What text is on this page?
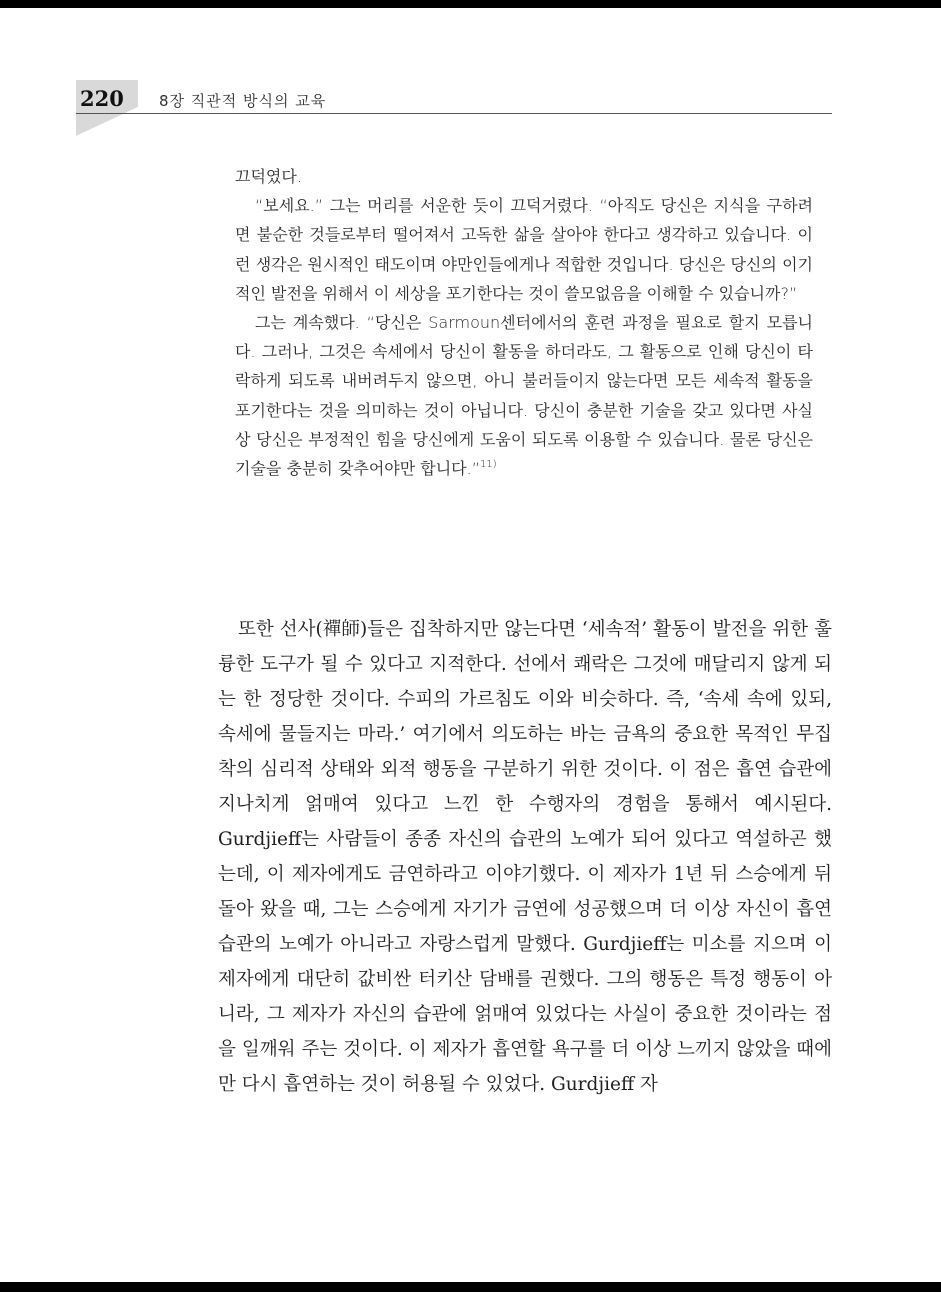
220 8장 직관적 방식의 교육

끄덕였다.

“보세요.” 그는 머리를 서운한 듯이 끄덕거렸다. “아직도 당신은 지식을 구하려면 불순한 것들로부터 떨어져서 고독한 삶을 살아야 한다고 생각하고 있습니다. 이런 생각은 원시적인 태도이며 야만인들에게나 적합한 것입니다. 당신은 당신의 이기적인 발전을 위해서 이 세상을 포기한다는 것이 쓸모없음을 이해할 수 있습니까?”

그는 계속했다. “당신은 Sarmoun센터에서의 훈련 과정을 필요로 할지 모릅니다. 그러나, 그것은 속세에서 당신이 활동을 하더라도, 그 활동으로 인해 당신이 타락하게 되도록 내버려두지 않으면, 아니 불러들이지 않는다면 모든 세속적 활동을 포기한다는 것을 의미하는 것이 아닙니다. 당신이 충분한 기술을 갖고 있다면 사실상 당신은 부정적인 힘을 당신에게 도움이 되도록 이용할 수 있습니다. 물론 당신은 기술을 충분히 갖추어야만 합니다.”$^{11)}$

또한 선사(禪師)들은 집착하지만 않는다면 ‘세속적’ 활동이 발전을 위한 훌륭한 도구가 될 수 있다고 지적한다. 선에서 쾌락은 그것에 매달리지 않게 되는 한 정당한 것이다. 수피의 가르침도 이와 비슷하다. 즉, ‘속세 속에 있되, 속세에 물들지는 마라.’ 여기에서 의도하는 바는 금욕의 중요한 목적인 무집착의 심리적 상태와 외적 행동을 구분하기 위한 것이다. 이 점은 흡연 습관에 지나치게 얽매여 있다고 느낀 한 수행자의 경험을 통해서 예시된다. Gurdjieff는 사람들이 종종 자신의 습관의 노예가 되어 있다고 역설하곤 했는데, 이 제자에게도 금연하라고 이야기했다. 이 제자가 1년 뒤 스승에게 뒤돌아 왔을 때, 그는 스승에게 자기가 금연에 성공했으며 더 이상 자신이 흡연 습관의 노예가 아니라고 자랑스럽게 말했다. Gurdjieff는 미소를 지으며 이 제자에게 대단히 값비싼 터키산 담배를 권했다. 그의 행동은 특정 행동이 아니라, 그 제자가 자신의 습관에 얽매여 있었다는 사실이 중요한 것이라는 점을 일깨워 주는 것이다. 이 제자가 흡연할 욕구를 더 이상 느끼지 않았을 때에만 다시 흡연하는 것이 허용될 수 있었다. Gurdjieff 자
